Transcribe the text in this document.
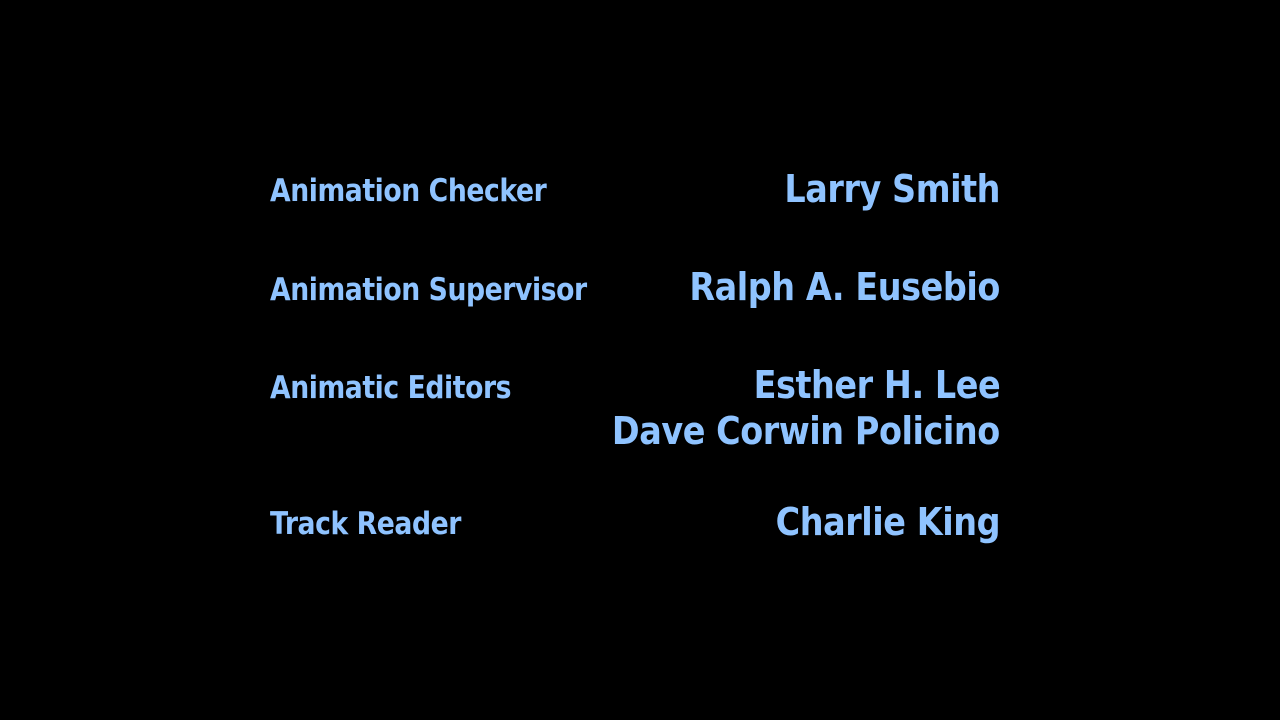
Animation Checker	Larry Smith
Animation Supervisor	Ralph A. Eusebio
Animatic Editors	Esther H. Lee
Dave Corwin Policino
Track Reader	Charlie King
